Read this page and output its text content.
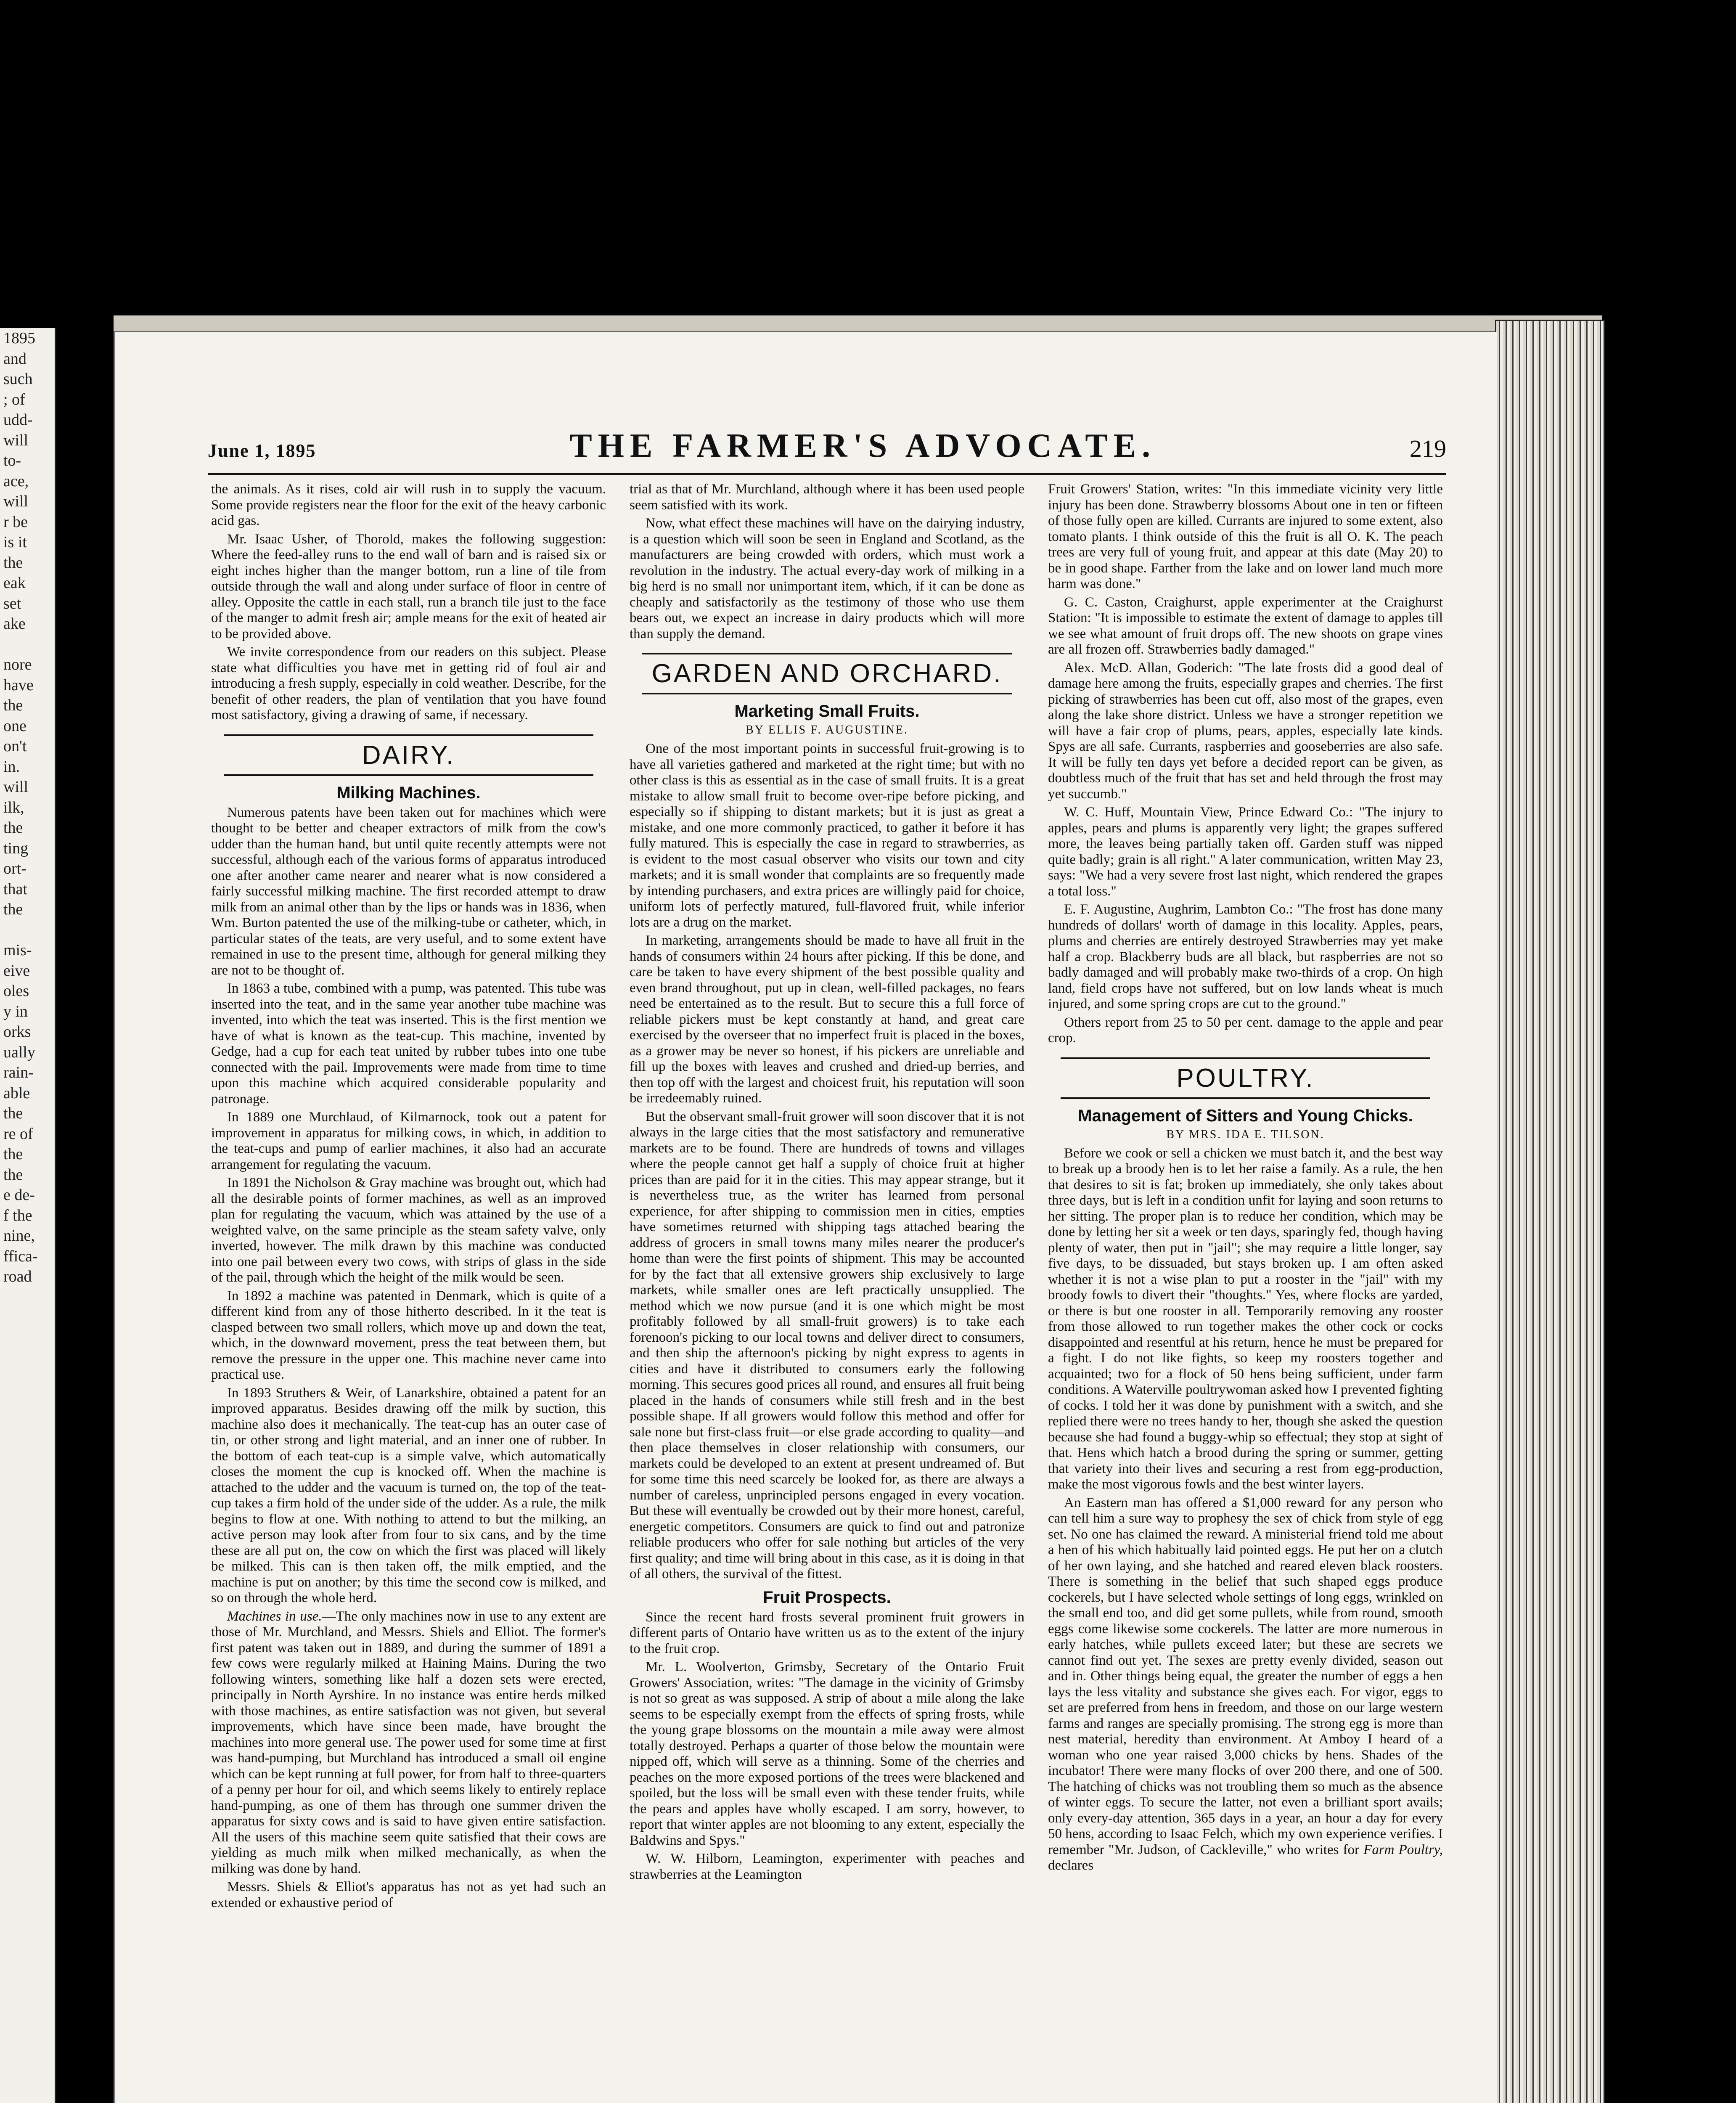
1895
and
such
; of
udd-
will
to-
ace,
will
r be
is it
the
eak
set
ake

nore
have
the
one
on't
in.
will
ilk,
the
ting
ort-
that
the

mis-
eive
oles
y in
orks
ually
rain-
able
the
re of
the
the
e de-
f the
nine,
ffica-
road
June 1, 1895	THE FARMER'S ADVOCATE.	219

the animals. As it rises, cold air will rush in to supply the vacuum. Some provide registers near the floor for the exit of the heavy carbonic acid gas.

Mr. Isaac Usher, of Thorold, makes the following suggestion: Where the feed-alley runs to the end wall of barn and is raised six or eight inches higher than the manger bottom, run a line of tile from outside through the wall and along under surface of floor in centre of alley. Opposite the cattle in each stall, run a branch tile just to the face of the manger to admit fresh air; ample means for the exit of heated air to be provided above.

We invite correspondence from our readers on this subject. Please state what difficulties you have met in getting rid of foul air and introducing a fresh supply, especially in cold weather. Describe, for the benefit of other readers, the plan of ventilation that you have found most satisfactory, giving a drawing of same, if necessary.

DAIRY.
Milking Machines.

Numerous patents have been taken out for machines which were thought to be better and cheaper extractors of milk from the cow's udder than the human hand, but until quite recently attempts were not successful, although each of the various forms of apparatus introduced one after another came nearer and nearer what is now considered a fairly successful milking machine. The first recorded attempt to draw milk from an animal other than by the lips or hands was in 1836, when Wm. Burton patented the use of the milking-tube or catheter, which, in particular states of the teats, are very useful, and to some extent have remained in use to the present time, although for general milking they are not to be thought of.

In 1863 a tube, combined with a pump, was patented. This tube was inserted into the teat, and in the same year another tube machine was invented, into which the teat was inserted. This is the first mention we have of what is known as the teat-cup. This machine, invented by Gedge, had a cup for each teat united by rubber tubes into one tube connected with the pail. Improvements were made from time to time upon this machine which acquired considerable popularity and patronage.

In 1889 one Murchlaud, of Kilmarnock, took out a patent for improvement in apparatus for milking cows, in which, in addition to the teat-cups and pump of earlier machines, it also had an accurate arrangement for regulating the vacuum.

In 1891 the Nicholson & Gray machine was brought out, which had all the desirable points of former machines, as well as an improved plan for regulating the vacuum, which was attained by the use of a weighted valve, on the same principle as the steam safety valve, only inverted, however. The milk drawn by this machine was conducted into one pail between every two cows, with strips of glass in the side of the pail, through which the height of the milk would be seen.

In 1892 a machine was patented in Denmark, which is quite of a different kind from any of those hitherto described. In it the teat is clasped between two small rollers, which move up and down the teat, which, in the downward movement, press the teat between them, but remove the pressure in the upper one. This machine never came into practical use.

In 1893 Struthers & Weir, of Lanarkshire, obtained a patent for an improved apparatus. Besides drawing off the milk by suction, this machine also does it mechanically. The teat-cup has an outer case of tin, or other strong and light material, and an inner one of rubber. In the bottom of each teat-cup is a simple valve, which automatically closes the moment the cup is knocked off. When the machine is attached to the udder and the vacuum is turned on, the top of the teat-cup takes a firm hold of the under side of the udder. As a rule, the milk begins to flow at one. With nothing to attend to but the milking, an active person may look after from four to six cans, and by the time these are all put on, the cow on which the first was placed will likely be milked. This can is then taken off, the milk emptied, and the machine is put on another; by this time the second cow is milked, and so on through the whole herd.

Machines in use.—The only machines now in use to any extent are those of Mr. Murchland, and Messrs. Shiels and Elliot. The former's first patent was taken out in 1889, and during the summer of 1891 a few cows were regularly milked at Haining Mains. During the two following winters, something like half a dozen sets were erected, principally in North Ayrshire. In no instance was entire herds milked with those machines, as entire satisfaction was not given, but several improvements, which have since been made, have brought the machines into more general use. The power used for some time at first was hand-pumping, but Murchland has introduced a small oil engine which can be kept running at full power, for from half to three-quarters of a penny per hour for oil, and which seems likely to entirely replace hand-pumping, as one of them has through one summer driven the apparatus for sixty cows and is said to have given entire satisfaction. All the users of this machine seem quite satisfied that their cows are yielding as much milk when milked mechanically, as when the milking was done by hand.

Messrs. Shiels & Elliot's apparatus has not as yet had such an extended or exhaustive period of

trial as that of Mr. Murchland, although where it has been used people seem satisfied with its work.

Now, what effect these machines will have on the dairying industry, is a question which will soon be seen in England and Scotland, as the manufacturers are being crowded with orders, which must work a revolution in the industry. The actual every-day work of milking in a big herd is no small nor unimportant item, which, if it can be done as cheaply and satisfactorily as the testimony of those who use them bears out, we expect an increase in dairy products which will more than supply the demand.

GARDEN AND ORCHARD.
Marketing Small Fruits.
BY ELLIS F. AUGUSTINE.

One of the most important points in successful fruit-growing is to have all varieties gathered and marketed at the right time; but with no other class is this as essential as in the case of small fruits. It is a great mistake to allow small fruit to become over-ripe before picking, and especially so if shipping to distant markets; but it is just as great a mistake, and one more commonly practiced, to gather it before it has fully matured. This is especially the case in regard to strawberries, as is evident to the most casual observer who visits our town and city markets; and it is small wonder that complaints are so frequently made by intending purchasers, and extra prices are willingly paid for choice, uniform lots of perfectly matured, full-flavored fruit, while inferior lots are a drug on the market.

In marketing, arrangements should be made to have all fruit in the hands of consumers within 24 hours after picking. If this be done, and care be taken to have every shipment of the best possible quality and even brand throughout, put up in clean, well-filled packages, no fears need be entertained as to the result. But to secure this a full force of reliable pickers must be kept constantly at hand, and great care exercised by the overseer that no imperfect fruit is placed in the boxes, as a grower may be never so honest, if his pickers are unreliable and fill up the boxes with leaves and crushed and dried-up berries, and then top off with the largest and choicest fruit, his reputation will soon be irredeemably ruined.

But the observant small-fruit grower will soon discover that it is not always in the large cities that the most satisfactory and remunerative markets are to be found. There are hundreds of towns and villages where the people cannot get half a supply of choice fruit at higher prices than are paid for it in the cities. This may appear strange, but it is nevertheless true, as the writer has learned from personal experience, for after shipping to commission men in cities, empties have sometimes returned with shipping tags attached bearing the address of grocers in small towns many miles nearer the producer's home than were the first points of shipment. This may be accounted for by the fact that all extensive growers ship exclusively to large markets, while smaller ones are left practically unsupplied. The method which we now pursue (and it is one which might be most profitably followed by all small-fruit growers) is to take each forenoon's picking to our local towns and deliver direct to consumers, and then ship the afternoon's picking by night express to agents in cities and have it distributed to consumers early the following morning. This secures good prices all round, and ensures all fruit being placed in the hands of consumers while still fresh and in the best possible shape. If all growers would follow this method and offer for sale none but first-class fruit—or else grade according to quality—and then place themselves in closer relationship with consumers, our markets could be developed to an extent at present undreamed of. But for some time this need scarcely be looked for, as there are always a number of careless, unprincipled persons engaged in every vocation. But these will eventually be crowded out by their more honest, careful, energetic competitors. Consumers are quick to find out and patronize reliable producers who offer for sale nothing but articles of the very first quality; and time will bring about in this case, as it is doing in that of all others, the survival of the fittest.

Fruit Prospects.

Since the recent hard frosts several prominent fruit growers in different parts of Ontario have written us as to the extent of the injury to the fruit crop.

Mr. L. Woolverton, Grimsby, Secretary of the Ontario Fruit Growers' Association, writes: "The damage in the vicinity of Grimsby is not so great as was supposed. A strip of about a mile along the lake seems to be especially exempt from the effects of spring frosts, while the young grape blossoms on the mountain a mile away were almost totally destroyed. Perhaps a quarter of those below the mountain were nipped off, which will serve as a thinning. Some of the cherries and peaches on the more exposed portions of the trees were blackened and spoiled, but the loss will be small even with these tender fruits, while the pears and apples have wholly escaped. I am sorry, however, to report that winter apples are not blooming to any extent, especially the Baldwins and Spys."

W. W. Hilborn, Leamington, experimenter with peaches and strawberries at the Leamington

Fruit Growers' Station, writes: "In this immediate vicinity very little injury has been done. Strawberry blossoms About one in ten or fifteen of those fully open are killed. Currants are injured to some extent, also tomato plants. I think outside of this the fruit is all O. K. The peach trees are very full of young fruit, and appear at this date (May 20) to be in good shape. Farther from the lake and on lower land much more harm was done."

G. C. Caston, Craighurst, apple experimenter at the Craighurst Station: "It is impossible to estimate the extent of damage to apples till we see what amount of fruit drops off. The new shoots on grape vines are all frozen off. Strawberries badly damaged."

Alex. McD. Allan, Goderich: "The late frosts did a good deal of damage here among the fruits, especially grapes and cherries. The first picking of strawberries has been cut off, also most of the grapes, even along the lake shore district. Unless we have a stronger repetition we will have a fair crop of plums, pears, apples, especially late kinds. Spys are all safe. Currants, raspberries and gooseberries are also safe. It will be fully ten days yet before a decided report can be given, as doubtless much of the fruit that has set and held through the frost may yet succumb."

W. C. Huff, Mountain View, Prince Edward Co.: "The injury to apples, pears and plums is apparently very light; the grapes suffered more, the leaves being partially taken off. Garden stuff was nipped quite badly; grain is all right." A later communication, written May 23, says: "We had a very severe frost last night, which rendered the grapes a total loss."

E. F. Augustine, Aughrim, Lambton Co.: "The frost has done many hundreds of dollars' worth of damage in this locality. Apples, pears, plums and cherries are entirely destroyed Strawberries may yet make half a crop. Blackberry buds are all black, but raspberries are not so badly damaged and will probably make two-thirds of a crop. On high land, field crops have not suffered, but on low lands wheat is much injured, and some spring crops are cut to the ground."

Others report from 25 to 50 per cent. damage to the apple and pear crop.

POULTRY.
Management of Sitters and Young Chicks.
BY MRS. IDA E. TILSON.

Before we cook or sell a chicken we must batch it, and the best way to break up a broody hen is to let her raise a family. As a rule, the hen that desires to sit is fat; broken up immediately, she only takes about three days, but is left in a condition unfit for laying and soon returns to her sitting. The proper plan is to reduce her condition, which may be done by letting her sit a week or ten days, sparingly fed, though having plenty of water, then put in "jail"; she may require a little longer, say five days, to be dissuaded, but stays broken up. I am often asked whether it is not a wise plan to put a rooster in the "jail" with my broody fowls to divert their "thoughts." Yes, where flocks are yarded, or there is but one rooster in all. Temporarily removing any rooster from those allowed to run together makes the other cock or cocks disappointed and resentful at his return, hence he must be prepared for a fight. I do not like fights, so keep my roosters together and acquainted; two for a flock of 50 hens being sufficient, under farm conditions. A Waterville poultrywoman asked how I prevented fighting of cocks. I told her it was done by punishment with a switch, and she replied there were no trees handy to her, though she asked the question because she had found a buggy-whip so effectual; they stop at sight of that. Hens which hatch a brood during the spring or summer, getting that variety into their lives and securing a rest from egg-production, make the most vigorous fowls and the best winter layers.

An Eastern man has offered a $1,000 reward for any person who can tell him a sure way to prophesy the sex of chick from style of egg set. No one has claimed the reward. A ministerial friend told me about a hen of his which habitually laid pointed eggs. He put her on a clutch of her own laying, and she hatched and reared eleven black roosters. There is something in the belief that such shaped eggs produce cockerels, but I have selected whole settings of long eggs, wrinkled on the small end too, and did get some pullets, while from round, smooth eggs come likewise some cockerels. The latter are more numerous in early hatches, while pullets exceed later; but these are secrets we cannot find out yet. The sexes are pretty evenly divided, season out and in. Other things being equal, the greater the number of eggs a hen lays the less vitality and substance she gives each. For vigor, eggs to set are preferred from hens in freedom, and those on our large western farms and ranges are specially promising. The strong egg is more than nest material, heredity than environment. At Amboy I heard of a woman who one year raised 3,000 chicks by hens. Shades of the incubator! There were many flocks of over 200 there, and one of 500. The hatching of chicks was not troubling them so much as the absence of winter eggs. To secure the latter, not even a brilliant sport avails; only every-day attention, 365 days in a year, an hour a day for every 50 hens, according to Isaac Felch, which my own experience verifies. I remember "Mr. Judson, of Cackleville," who writes for Farm Poultry, declares
